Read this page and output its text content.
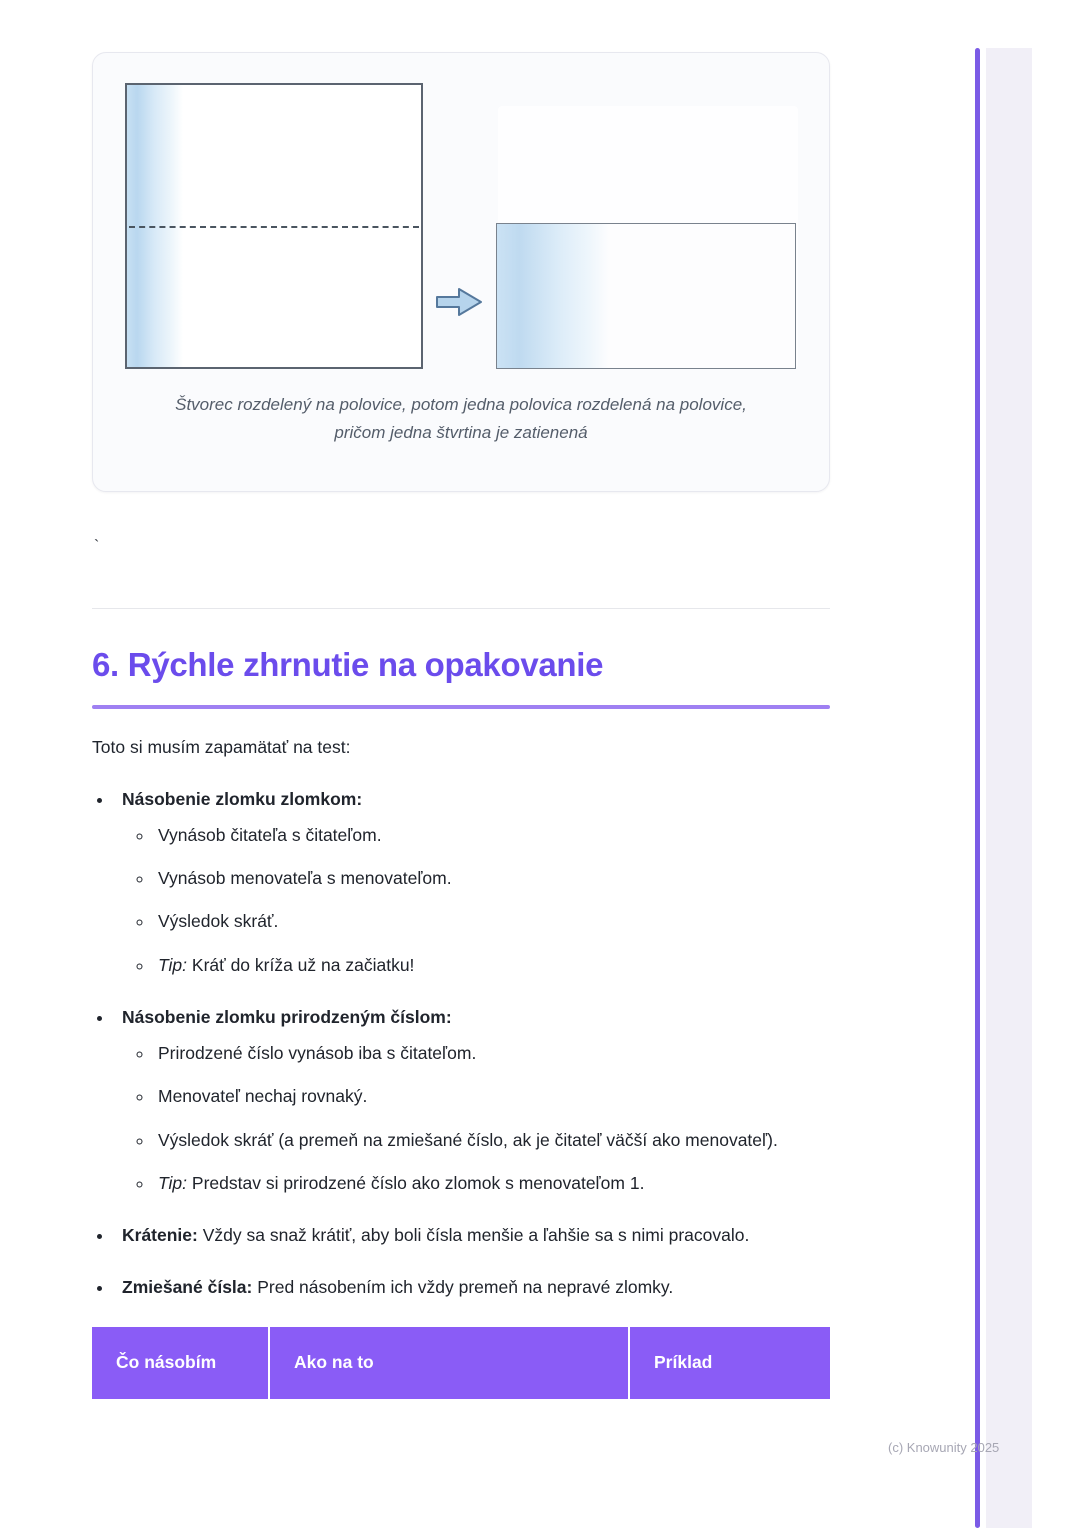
Štvorec rozdelený na polovice, potom jedna polovica rozdelená na polovice,
pričom jedna štvrtina je zatienená
`
6. Rýchle zhrnutie na opakovanie

Toto si musím zapamätať na test:

• Násobenie zlomku zlomkom:
◦ Vynásob čitateľa s čitateľom.
◦ Vynásob menovateľa s menovateľom.
◦ Výsledok skráť.
◦ Tip: Kráť do kríža už na začiatku!
• Násobenie zlomku prirodzeným číslom:
◦ Prirodzené číslo vynásob iba s čitateľom.
◦ Menovateľ nechaj rovnaký.
◦ Výsledok skráť (a premeň na zmiešané číslo, ak je čitateľ väčší ako menovateľ).
◦ Tip: Predstav si prirodzené číslo ako zlomok s menovateľom 1.
• Krátenie: Vždy sa snaž krátiť, aby boli čísla menšie a ľahšie sa s nimi pracovalo.
• Zmiešané čísla: Pred násobením ich vždy premeň na nepravé zlomky.
Čo násobím	Ako na to	Príklad
(c) Knowunity 2025
